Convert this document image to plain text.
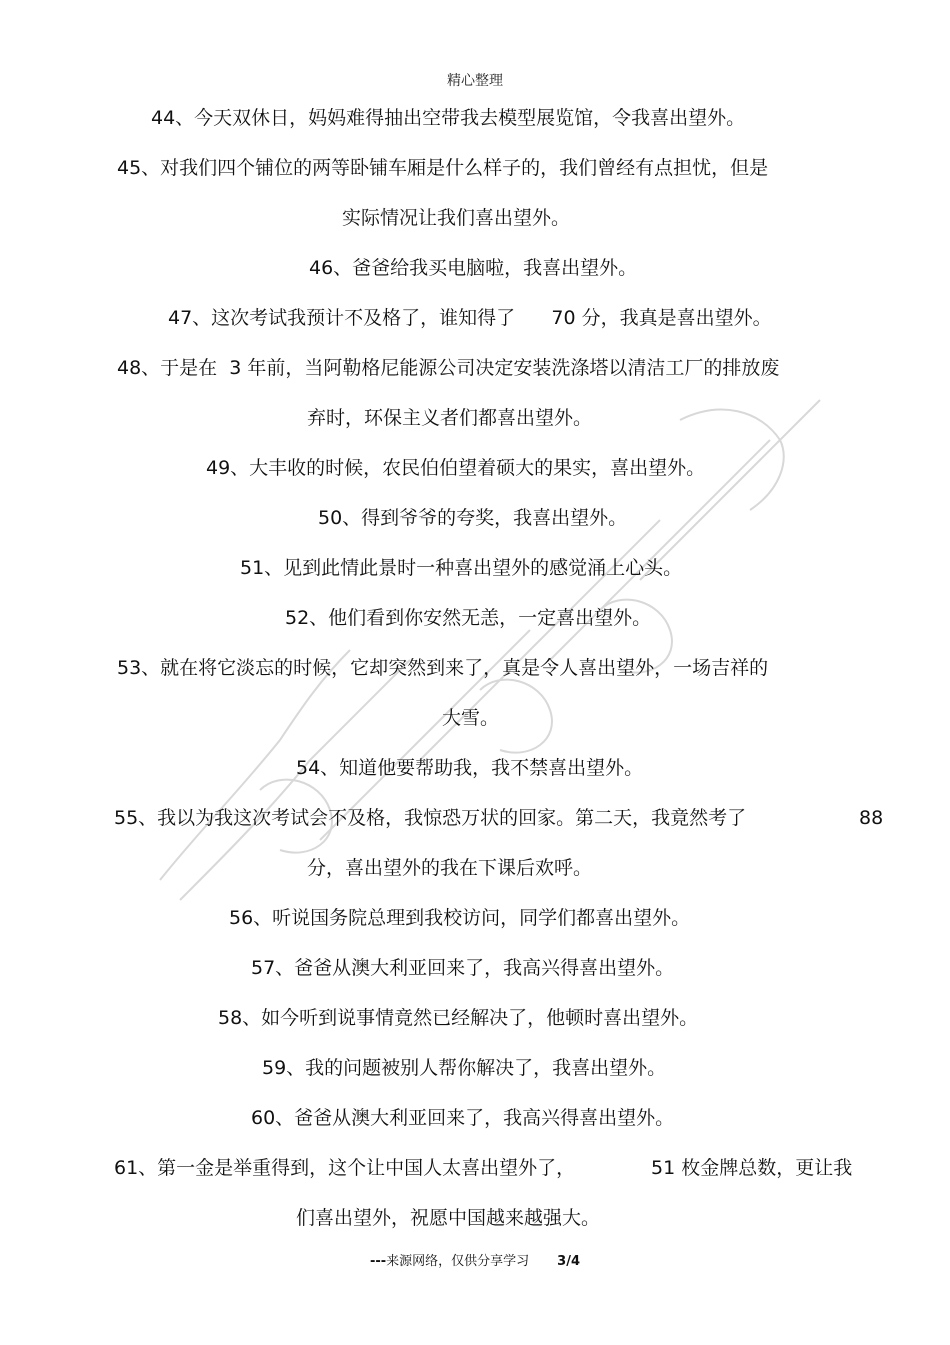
精心整理
44、今天双休日，妈妈难得抽出空带我去模型展览馆，令我喜出望外。
45、对我们四个铺位的两等卧铺车厢是什么样子的，我们曾经有点担忧，但是
实际情况让我们喜出望外。
46、爸爸给我买电脑啦，我喜出望外。
47、这次考试我预计不及格了，谁知得了      70 分，我真是喜出望外。
48、于是在  3 年前，当阿勒格尼能源公司决定安装洗涤塔以清洁工厂的排放废
弃时，环保主义者们都喜出望外。
49、大丰收的时候，农民伯伯望着硕大的果实，喜出望外。
50、得到爷爷的夸奖，我喜出望外。
51、见到此情此景时一种喜出望外的感觉涌上心头。
52、他们看到你安然无恙，一定喜出望外。
53、就在将它淡忘的时候，它却突然到来了，真是令人喜出望外，一场吉祥的
大雪。
54、知道他要帮助我，我不禁喜出望外。
55、我以为我这次考试会不及格，我惊恐万状的回家。第二天，我竟然考了	88
分，喜出望外的我在下课后欢呼。
56、听说国务院总理到我校访问，同学们都喜出望外。
57、爸爸从澳大利亚回来了，我高兴得喜出望外。
58、如今听到说事情竟然已经解决了，他顿时喜出望外。
59、我的问题被别人帮你解决了，我喜出望外。
60、爸爸从澳大利亚回来了，我高兴得喜出望外。
61、第一金是举重得到，这个让中国人太喜出望外了，	51 枚金牌总数，更让我
们喜出望外，祝愿中国越来越强大。
---来源网络，仅供分享学习 3/4
